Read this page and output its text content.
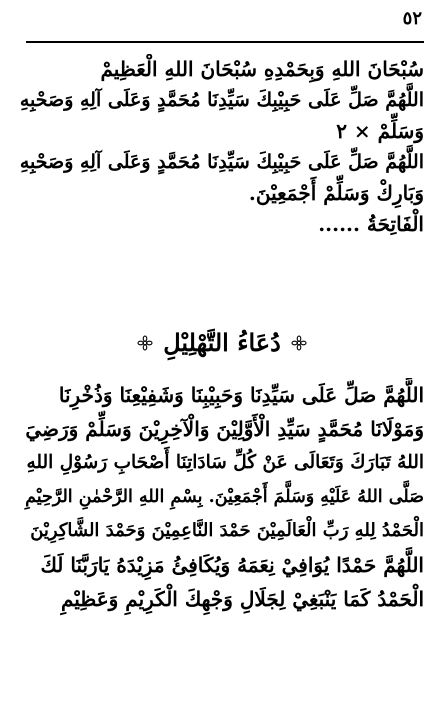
٥٢
سُبْحَانَ اللهِ وَبِحَمْدِهِ سُبْحَانَ اللهِ الْعَظِيمْ
اللَّهُمَّ صَلِّ عَلَى حَبِيْبِكَ سَيِّدِنَا مُحَمَّدٍ وَعَلَى آلِهِ وَصَحْبِهِ
وَسَلِّمْ × ٢
اللَّهُمَّ صَلِّ عَلَى حَبِيْبِكَ سَيِّدِنَا مُحَمَّدٍ وَعَلَى آلِهِ وَصَحْبِهِ
وَبَارِكْ وَسَلِّمْ أَجْمَعِيْنَ.
الْفَاتِحَةُ ......
دُعَاءُ التَّهْلِيْلِ
اللَّهُمَّ صَلِّ عَلَى سَيِّدِنَا وَحَبِيْبِنَا وَشَفِيْعِنَا وَذُخْرِنَا
وَمَوْلَانَا مُحَمَّدٍ سَيِّدِ الْأَوَّلِيْنَ وَالْآخِرِيْنَ وَسَلِّمْ وَرَضِيَ
اللهُ تَبَارَكَ وَتَعَالَى عَنْ كُلِّ سَادَاتِنَا أَصْحَابِ رَسُوْلِ اللهِ
صَلَّى اللهُ عَلَيْهِ وَسَلَّمَ أَجْمَعِيْنَ. بِسْمِ اللهِ الرَّحْمٰنِ الرَّحِيْمِ
الْحَمْدُ لِلهِ رَبِّ الْعَالَمِيْنَ حَمْدَ النَّاعِمِيْنَ وَحَمْدَ الشَّاكِرِيْنَ
اللَّهُمَّ حَمْدًا يُوَافِيْ نِعَمَهُ وَيُكَافِئُ مَزِيْدَهُ يَارَبَّنَا لَكَ
الْحَمْدُ كَمَا يَنْبَغِيْ لِجَلَالِ وَجْهِكَ الْكَرِيْمِ وَعَظِيْمِ
